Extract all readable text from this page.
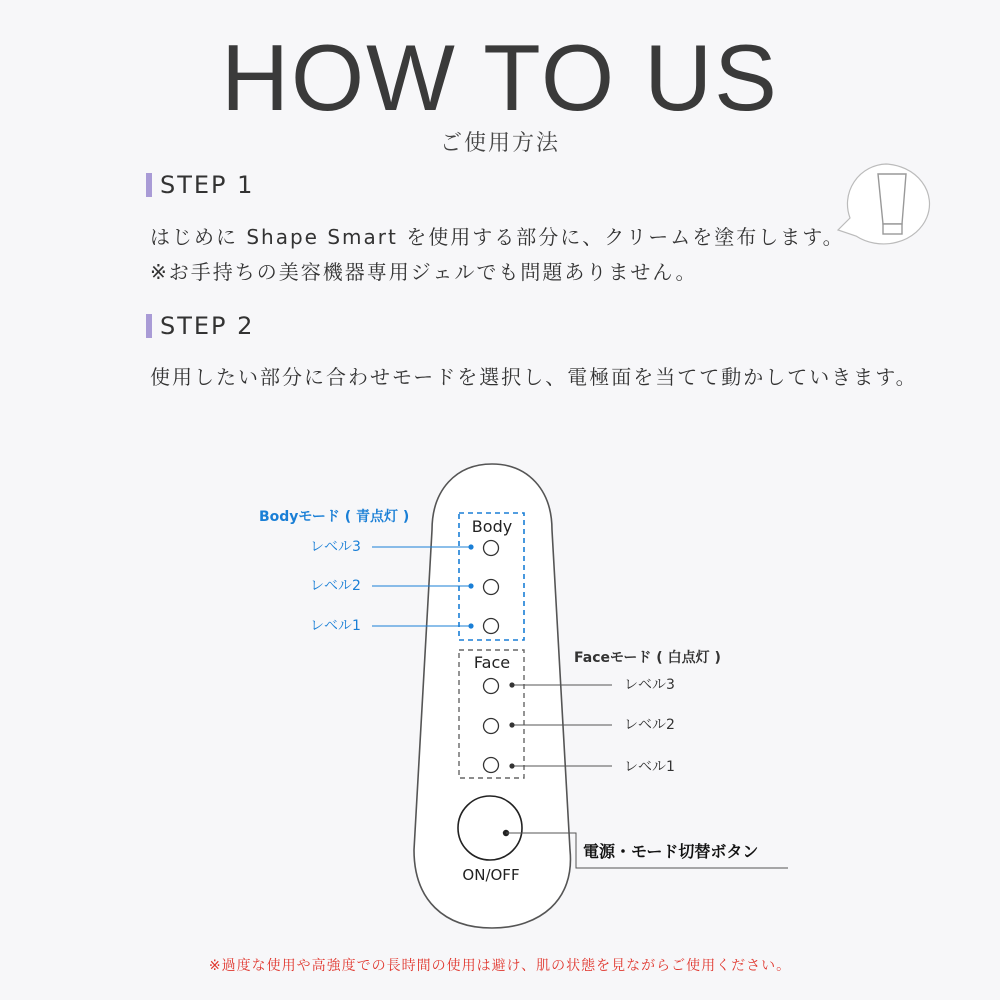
HOW TO US
ご使用方法
STEP 1
はじめに Shape Smart を使用する部分に、クリームを塗布します。
※お手持ちの美容機器専用ジェルでも問題ありません。
STEP 2
使用したい部分に合わせモードを選択し、電極面を当てて動かしていきます。
Body
Face
Bodyモード ( 青点灯 )
レベル3
レベル2
レベル1
Faceモード ( 白点灯 )
レベル3
レベル2
レベル1
ON/OFF
電源・モード切替ボタン
※過度な使用や高強度での長時間の使用は避け、肌の状態を見ながらご使用ください。
